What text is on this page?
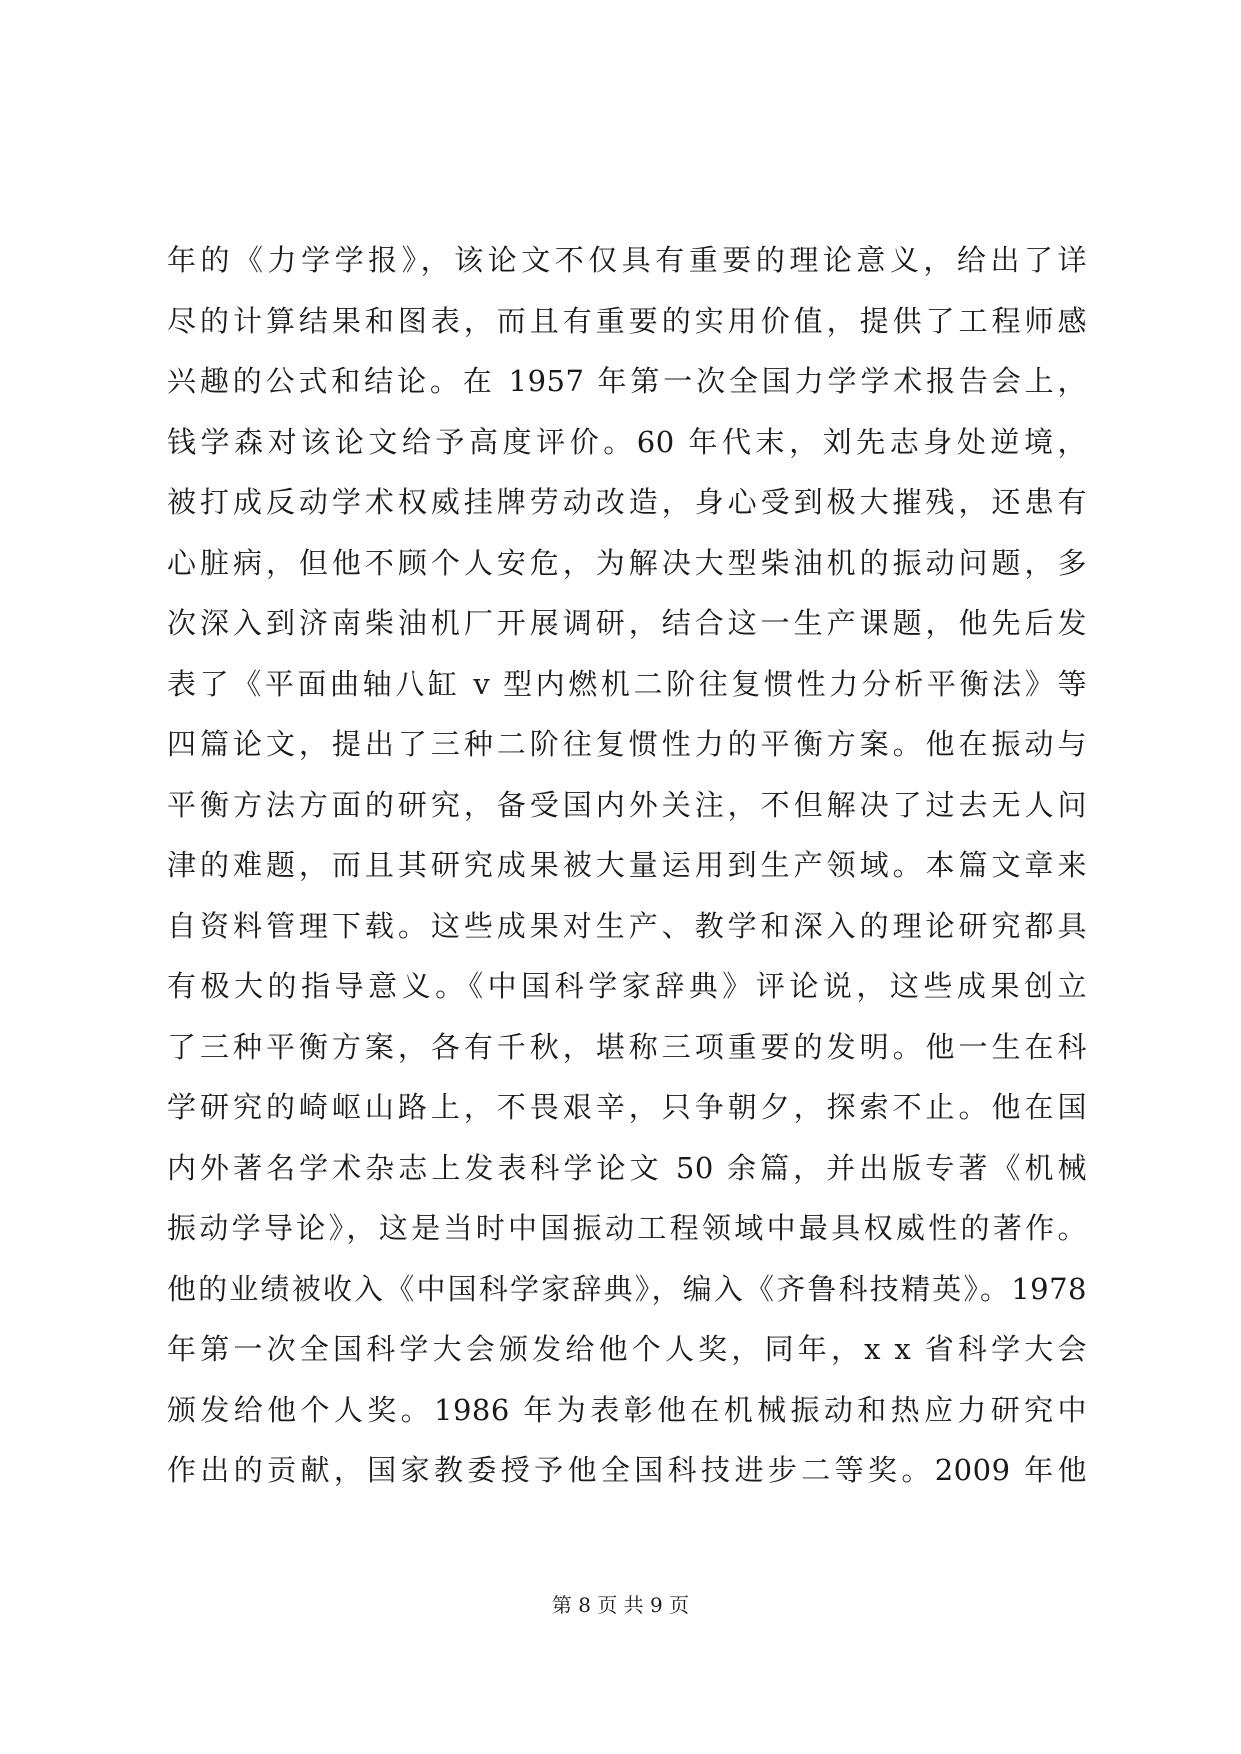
年的《力学学报》，该论文不仅具有重要的理论意义，给出了详
尽的计算结果和图表，而且有重要的实用价值，提供了工程师感
兴趣的公式和结论。在 1957 年第一次全国力学学术报告会上，
钱学森对该论文给予高度评价。60 年代末，刘先志身处逆境，
被打成反动学术权威挂牌劳动改造，身心受到极大摧残，还患有
心脏病，但他不顾个人安危，为解决大型柴油机的振动问题，多
次深入到济南柴油机厂开展调研，结合这一生产课题，他先后发
表了《平面曲轴八缸 v 型内燃机二阶往复惯性力分析平衡法》等
四篇论文，提出了三种二阶往复惯性力的平衡方案。他在振动与
平衡方法方面的研究，备受国内外关注，不但解决了过去无人问
津的难题，而且其研究成果被大量运用到生产领域。本篇文章来
自资料管理下载。这些成果对生产、教学和深入的理论研究都具
有极大的指导意义。《中国科学家辞典》评论说，这些成果创立
了三种平衡方案，各有千秋，堪称三项重要的发明。他一生在科
学研究的崎岖山路上，不畏艰辛，只争朝夕，探索不止。他在国
内外著名学术杂志上发表科学论文 50 余篇，并出版专著《机械
振动学导论》，这是当时中国振动工程领域中最具权威性的著作。
他的业绩被收入《中国科学家辞典》，编入《齐鲁科技精英》。1978
年第一次全国科学大会颁发给他个人奖，同年，x x 省科学大会
颁发给他个人奖。1986 年为表彰他在机械振动和热应力研究中
作出的贡献，国家教委授予他全国科技进步二等奖。2009 年他
第 8 页 共 9 页
